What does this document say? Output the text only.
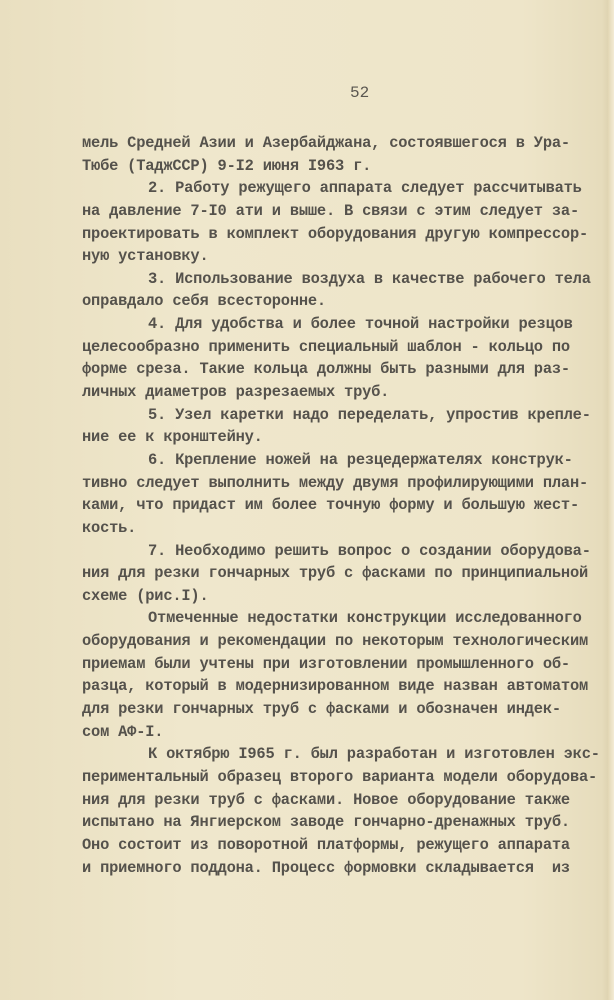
52
мель Средней Азии и Азербайджана, состоявшегося в Ура-
Тюбе (ТаджССР) 9-I2 июня I963 г.
2. Работу режущего аппарата следует рассчитывать
на давление 7-I0 ати и выше. В связи с этим следует за-
проектировать в комплект оборудования другую компрессор-
ную установку.
3. Использование воздуха в качестве рабочего тела
оправдало себя всесторонне.
4. Для удобства и более точной настройки резцов
целесообразно применить специальный шаблон - кольцо по
форме среза. Такие кольца должны быть разными для раз-
личных диаметров разрезаемых труб.
5. Узел каретки надо переделать, упростив крепле-
ние ее к кронштейну.
6. Крепление ножей на резцедержателях конструк-
тивно следует выполнить между двумя профилирующими план-
ками, что придаст им более точную форму и большую жест-
кость.
7. Необходимо решить вопрос о создании оборудова-
ния для резки гончарных труб с фасками по принципиальной
схеме (рис.I).
Отмеченные недостатки конструкции исследованного
оборудования и рекомендации по некоторым технологическим
приемам были учтены при изготовлении промышленного об-
разца, который в модернизированном виде назван автоматом
для резки гончарных труб с фасками и обозначен индек-
сом АФ-I.
К октябрю I965 г. был разработан и изготовлен экс-
периментальный образец второго варианта модели оборудова-
ния для резки труб с фасками. Новое оборудование также
испытано на Янгиерском заводе гончарно-дренажных труб.
Оно состоит из поворотной платформы, режущего аппарата
и приемного поддона. Процесс формовки складывается  из
